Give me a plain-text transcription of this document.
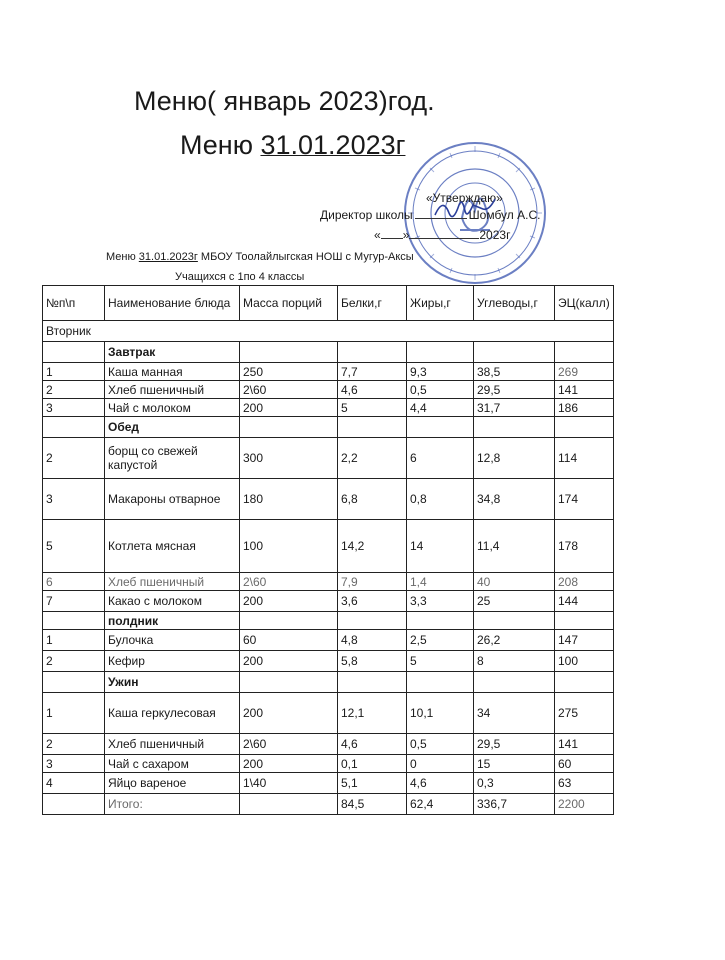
Меню( январь 2023)год.
Меню 31.01.2023г
«Утверждаю»
Директор школы	Шомбул А.С.
« »	2023г
Меню 31.01.2023г МБОУ Тоолайлыгская НОШ с Мугур-Аксы
Учащихся с 1по 4 классы
№п\п	Наименование блюда	Масса порций	Белки,г	Жиры,г	Углеводы,г	ЭЦ(калл)
Вторник						
	Завтрак					
1	Каша манная	250	7,7	9,3	38,5	269
2	Хлеб пшеничный	2\60	4,6	0,5	29,5	141
3	Чай с молоком	200	5	4,4	31,7	186
	Обед					
2	борщ со свежей капустой	300	2,2	6	12,8	114
3	Макароны отварное	180	6,8	0,8	34,8	174
5	Котлета мясная	100	14,2	14	11,4	178
6	Хлеб пшеничный	2\60	7,9	1,4	40	208
7	Какао с молоком	200	3,6	3,3	25	144
	полдник					
1	Булочка	60	4,8	2,5	26,2	147
2	Кефир	200	5,8	5	8	100
	Ужин					
1	Каша геркулесовая	200	12,1	10,1	34	275
2	Хлеб пшеничный	2\60	4,6	0,5	29,5	141
3	Чай с сахаром	200	0,1	0	15	60
4	Яйцо вареное	1\40	5,1	4,6	0,3	63
	Итого:		84,5	62,4	336,7	2200
